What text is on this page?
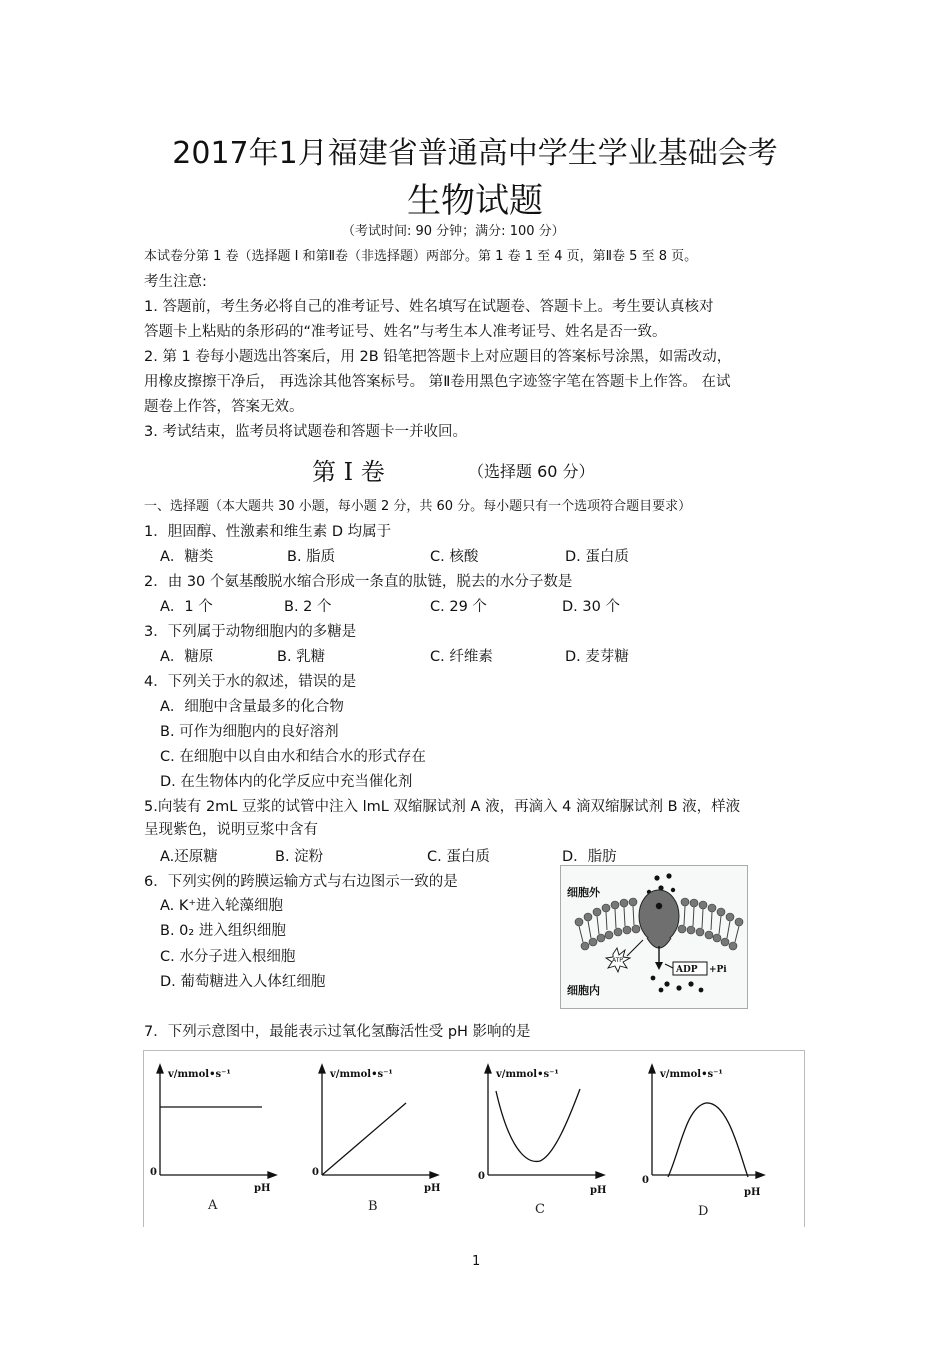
2017年1月福建省普通高中学生学业基础会考
生物试题
（考试时间: 90 分钟；满分: 100 分）
本试卷分第 1 卷（选择题 I 和第Ⅱ卷（非选择题）两部分。第 1 卷 1 至 4 页，第Ⅱ卷 5 至 8 页。
考生注意:
1. 答题前，考生务必将自己的准考证号、姓名填写在试题卷、答题卡上。考生要认真核对
答题卡上粘贴的条形码的“准考证号、姓名”与考生本人准考证号、姓名是否一致。
2. 第 1 卷每小题选出答案后，用 2B 铅笔把答题卡上对应题目的答案标号涂黑，如需改动，
用橡皮擦擦干净后， 再选涂其他答案标号。 第Ⅱ卷用黑色字迹签字笔在答题卡上作答。 在试
题卷上作答，答案无效。
3. 考试结束，监考员将试题卷和答题卡一并收回。
第 Ⅰ 卷	（选择题 60 分）
一、选择题（本大题共 30 小题，每小题 2 分，共 60 分。每小题只有一个选项符合题目要求）
1．胆固醇、性激素和维生素 D 均属于
A．糖类	B. 脂质	C. 核酸	D. 蛋白质
2．由 30 个氨基酸脱水缩合形成一条直的肽链，脱去的水分子数是
A．1 个	B. 2 个	C. 29 个	D. 30 个
3．下列属于动物细胞内的多糖是
A．糖原	B. 乳糖	C. 纤维素	D. 麦芽糖
4．下列关于水的叙述，错误的是
A．细胞中含量最多的化合物
B. 可作为细胞内的良好溶剂
C. 在细胞中以自由水和结合水的形式存在
D. 在生物体内的化学反应中充当催化剂
5.向装有 2mL 豆浆的试管中注入 lmL 双缩脲试剂 A 液，再滴入 4 滴双缩脲试剂 B 液，样液
呈现紫色，说明豆浆中含有
A.还原糖	B. 淀粉	C. 蛋白质	D．脂肪
6．下列实例的跨膜运输方式与右边图示一致的是
A. K⁺进入轮藻细胞
B. 0₂ 进入组织细胞
C. 水分子进入根细胞
D. 葡萄糖进入人体红细胞
ATP
ADP +Pi
细胞外
细胞内
7．下列示意图中，最能表示过氧化氢酶活性受 pH 影响的是
v/mmol•s⁻¹	v/mmol•s⁻¹	v/mmol•s⁻¹	v/mmol•s⁻¹
0	0	0	0
pH	pH	pH	pH
A	B	C	D
1
